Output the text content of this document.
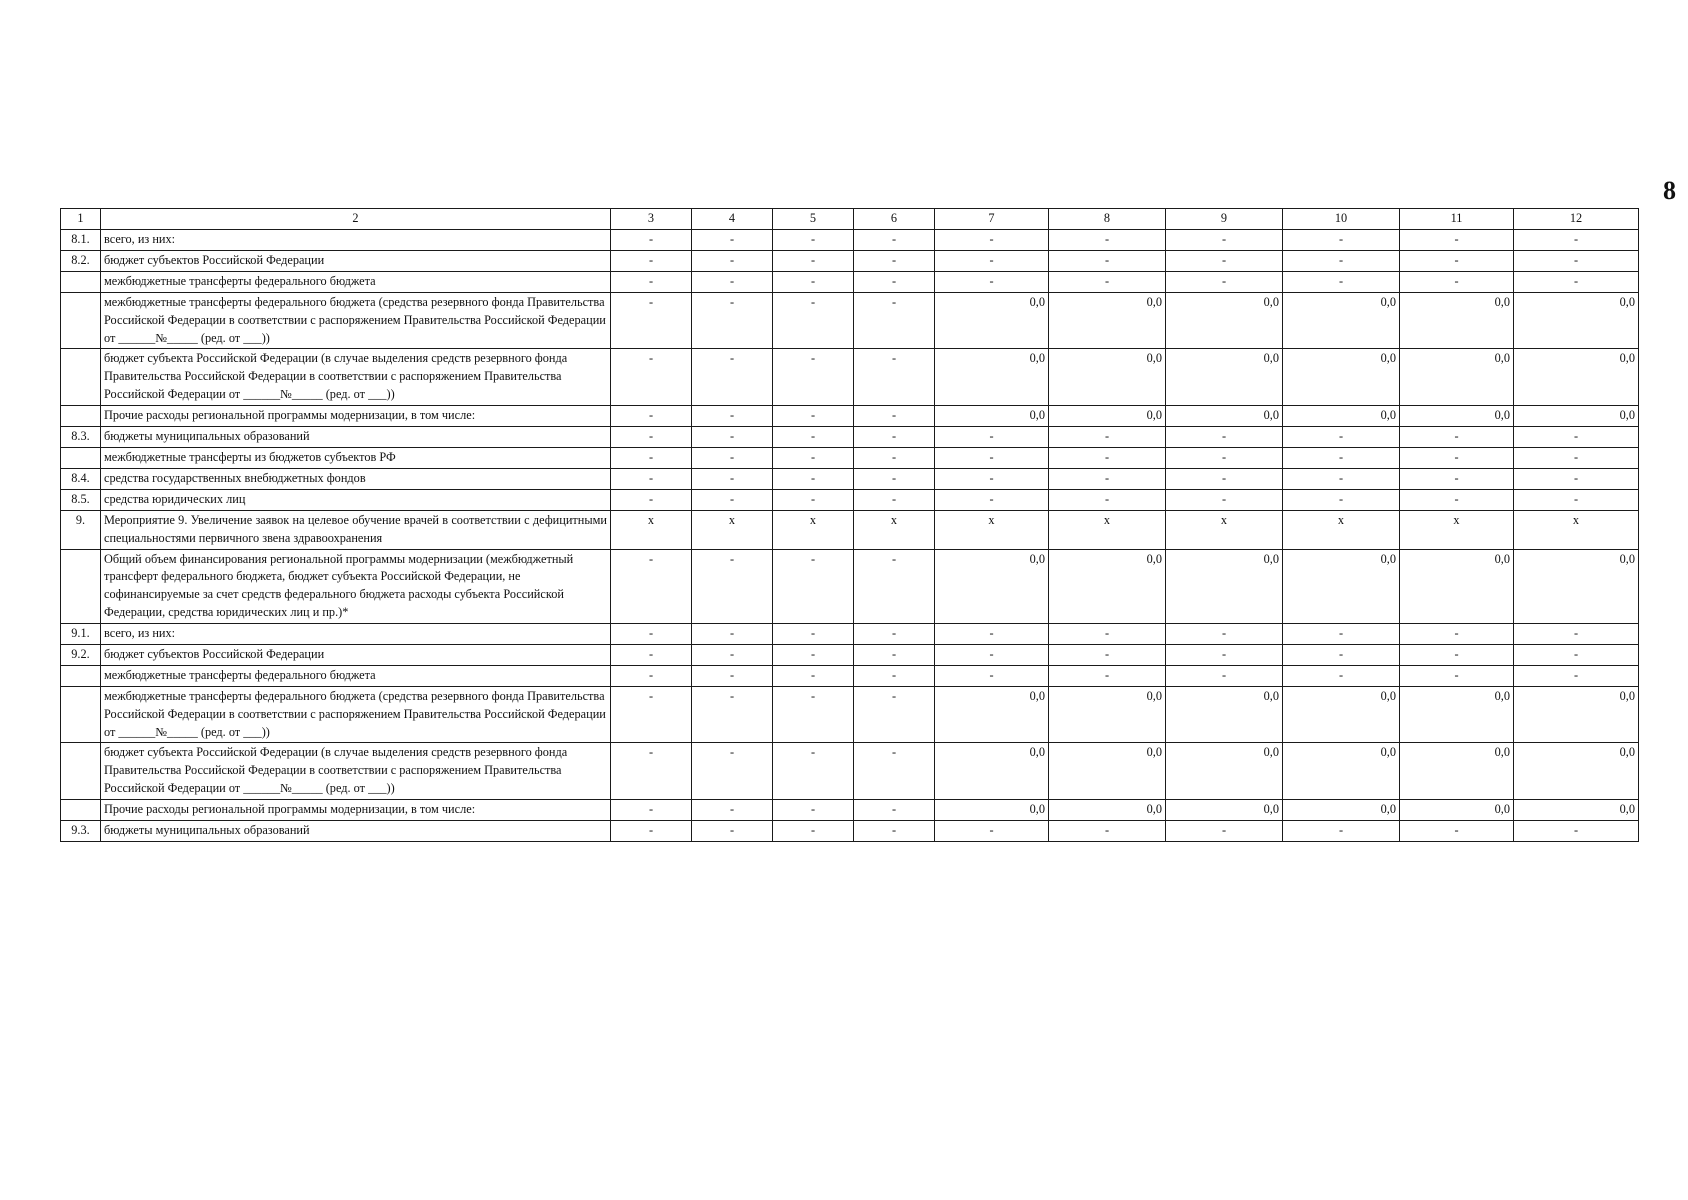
8
1	2	3	4	5	6	7	8	9	10	11	12
8.1.	всего, из них:	-	-	-	-	-	-	-	-	-	-
8.2.	бюджет субъектов Российской Федерации	-	-	-	-	-	-	-	-	-	-
	межбюджетные трансферты федерального бюджета	-	-	-	-	-	-	-	-	-	-
	межбюджетные трансферты федерального бюджета (средства резервного фонда Правительства Российской Федерации в соответствии с распоряжением Правительства Российской Федерации от ______№_____ (ред. от ___))	-	-	-	-	0,0	0,0	0,0	0,0	0,0	0,0
	бюджет субъекта Российской Федерации (в случае выделения средств резервного фонда Правительства Российской Федерации в соответствии с распоряжением Правительства Российской Федерации от ______№_____ (ред. от ___))	-	-	-	-	0,0	0,0	0,0	0,0	0,0	0,0
	Прочие расходы региональной программы модернизации, в том числе:	-	-	-	-	0,0	0,0	0,0	0,0	0,0	0,0
8.3.	бюджеты муниципальных образований	-	-	-	-	-	-	-	-	-	-
	межбюджетные трансферты из бюджетов субъектов РФ	-	-	-	-	-	-	-	-	-	-
8.4.	средства государственных внебюджетных фондов	-	-	-	-	-	-	-	-	-	-
8.5.	средства юридических лиц	-	-	-	-	-	-	-	-	-	-
9.	Мероприятие 9. Увеличение заявок на целевое обучение врачей в соответствии с дефицитными специальностями первичного звена здравоохранения	x	x	x	x	x	x	x	x	x	x
	Общий объем финансирования региональной программы модернизации (межбюджетный трансферт федерального бюджета, бюджет субъекта Российской Федерации, не софинансируемые за счет средств федерального бюджета расходы субъекта Российской Федерации, средства юридических лиц и пр.)*	-	-	-	-	0,0	0,0	0,0	0,0	0,0	0,0
9.1.	всего, из них:	-	-	-	-	-	-	-	-	-	-
9.2.	бюджет субъектов Российской Федерации	-	-	-	-	-	-	-	-	-	-
	межбюджетные трансферты федерального бюджета	-	-	-	-	-	-	-	-	-	-
	межбюджетные трансферты федерального бюджета (средства резервного фонда Правительства Российской Федерации в соответствии с распоряжением Правительства Российской Федерации от ______№_____ (ред. от ___))	-	-	-	-	0,0	0,0	0,0	0,0	0,0	0,0
	бюджет субъекта Российской Федерации (в случае выделения средств резервного фонда Правительства Российской Федерации в соответствии с распоряжением Правительства Российской Федерации от ______№_____ (ред. от ___))	-	-	-	-	0,0	0,0	0,0	0,0	0,0	0,0
	Прочие расходы региональной программы модернизации, в том числе:	-	-	-	-	0,0	0,0	0,0	0,0	0,0	0,0
9.3.	бюджеты муниципальных образований	-	-	-	-	-	-	-	-	-	-
